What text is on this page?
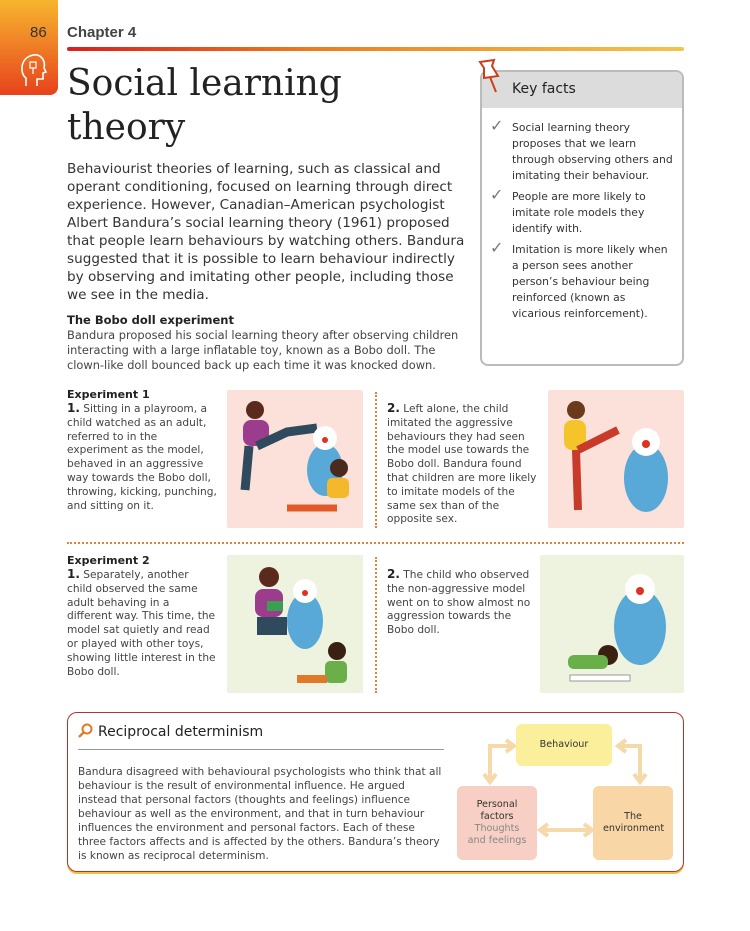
86 Chapter 4
Social learning theory

Behaviourist theories of learning, such as classical and operant conditioning, focused on learning through direct experience. However, Canadian–American psychologist Albert Bandura’s social learning theory (1961) proposed that people learn behaviours by watching others. Bandura suggested that it is possible to learn behaviour indirectly by observing and imitating other people, including those we see in the media.

Key facts
✓ Social learning theory proposes that we learn through observing others and imitating their behaviour.
✓ People are more likely to imitate role models they identify with.
✓ Imitation is more likely when a person sees another person’s behaviour being reinforced (known as vicarious reinforcement).
The Bobo doll experiment

Bandura proposed his social learning theory after observing children interacting with a large inflatable toy, known as a Bobo doll. The clown-like doll bounced back up each time it was knocked down.

Experiment 1

1. Sitting in a playroom, a child watched as an adult, referred to in the experiment as the model, behaved in an aggressive way towards the Bobo doll, throwing, kicking, punching, and sitting on it.

2. Left alone, the child imitated the aggressive behaviours they had seen the model use towards the Bobo doll. Bandura found that children are more likely to imitate models of the same sex than of the opposite sex.

Experiment 2

1. Separately, another child observed the same adult behaving in a different way. This time, the model sat quietly and read or played with other toys, showing little interest in the Bobo doll.

2. The child who observed the non-aggressive model went on to show almost no aggression towards the Bobo doll.

Reciprocal determinism

Bandura disagreed with behavioural psychologists who think that all behaviour is the result of environmental influence. He argued instead that personal factors (thoughts and feelings) influence behaviour as well as the environment, and that in turn behaviour influences the environment and personal factors. Each of these three factors affects and is affected by the others. Bandura’s theory is known as reciprocal determinism.

Behaviour
Personal factors
Thoughts and feelings
The environment
